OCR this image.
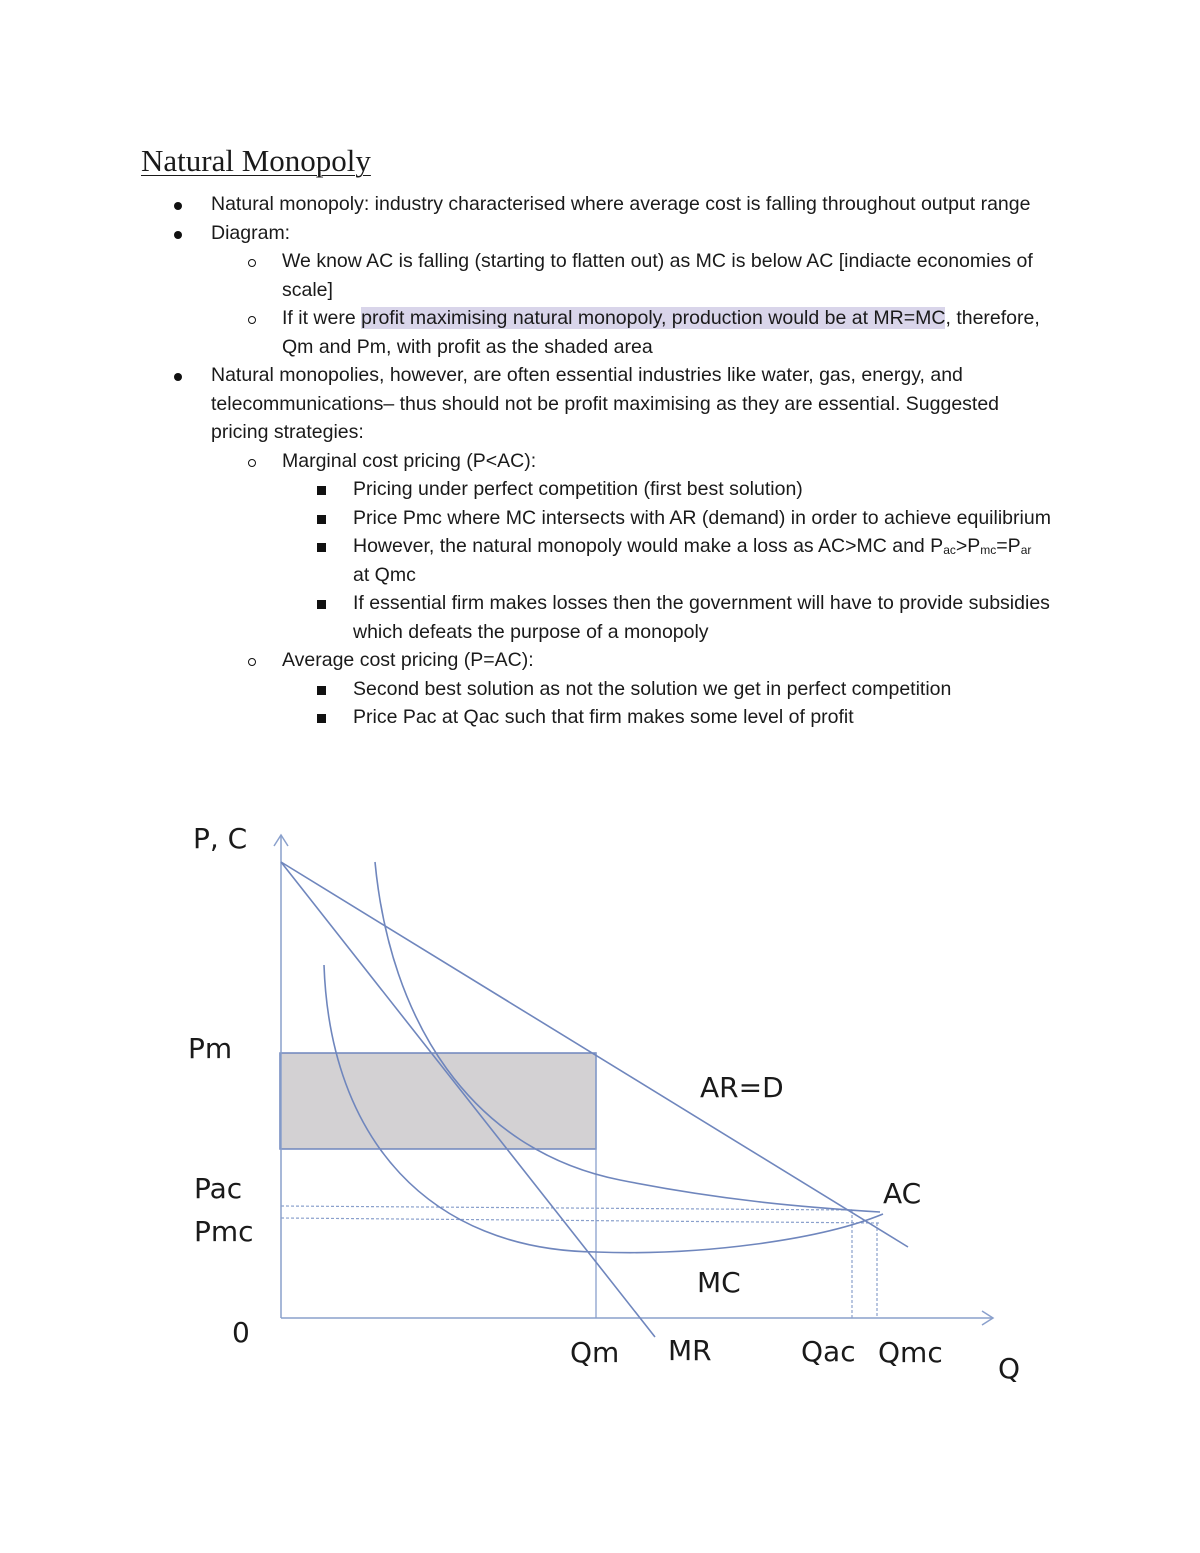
Natural Monopoly
Natural monopoly: industry characterised where average cost is falling throughout output range
Diagram:
We know AC is falling (starting to flatten out) as MC is below AC [indiacte economies of scale]
If it were profit maximising natural monopoly, production would be at MR=MC, therefore, Qm and Pm, with profit as the shaded area
Natural monopolies, however, are often essential industries like water, gas, energy, and telecommunications– thus should not be profit maximising as they are essential. Suggested pricing strategies:
Marginal cost pricing (P<AC):
Pricing under perfect competition (first best solution)
Price Pmc where MC intersects with AR (demand) in order to achieve equilibrium
However, the natural monopoly would make a loss as AC>MC and $P_{ac}>P_{mc}=P_{ar}$ at Qmc
If essential firm makes losses then the government will have to provide subsidies which defeats the purpose of a monopoly
Average cost pricing (P=AC):
Second best solution as not the solution we get in perfect competition
Price Pac at Qac such that firm makes some level of profit
P, C
Pm
Pac
Pmc
0
Qm MR	Qac Qmc Q
AR=D
AC
MC
